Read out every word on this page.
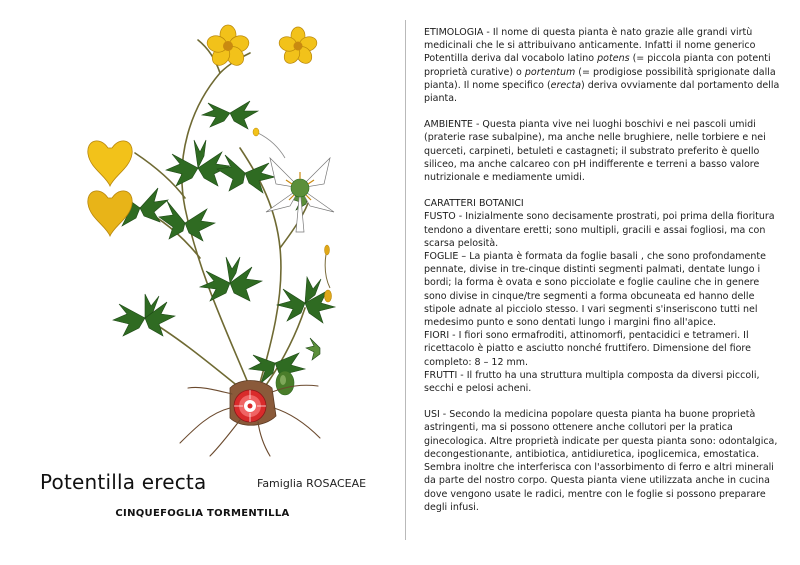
Potentilla erecta	Famiglia ROSACEAE
CINQUEFOGLIA TORMENTILLA

ETIMOLOGIA - Il nome di questa pianta è nato grazie alle grandi virtù medicinali che le si attribuivano anticamente. Infatti il nome generico Potentilla deriva dal vocabolo latino potens (= piccola pianta con potenti proprietà curative) o portentum (= prodigiose possibilità sprigionate dalla pianta). Il nome specifico (erecta) deriva ovviamente dal portamento della pianta.

AMBIENTE - Questa pianta vive nei luoghi boschivi e nei pascoli umidi (praterie rase subalpine), ma anche nelle brughiere, nelle torbiere e nei querceti, carpineti, betuleti e castagneti; il substrato preferito è quello siliceo, ma anche calcareo con pH indifferente e terreni a basso valore nutrizionale e mediamente umidi.

CARATTERI BOTANICI

FUSTO - Inizialmente sono decisamente prostrati, poi prima della fioritura tendono a diventare eretti; sono multipli, gracili e assai fogliosi, ma con scarsa pelosità.

FOGLIE – La pianta è formata da foglie basali , che sono profondamente pennate, divise in tre-cinque distinti segmenti palmati, dentate lungo i bordi; la forma è ovata e sono picciolate e foglie cauline che in genere sono divise in cinque/tre segmenti a forma obcuneata ed hanno delle stipole adnate al picciolo stesso. I vari segmenti s'inseriscono tutti nel medesimo punto e sono dentati lungo i margini fino all'apice.

FIORI - I fiori sono ermafroditi, attinomorfi, pentacidici e tetrameri. Il ricettacolo è piatto e asciutto nonché fruttifero. Dimensione del fiore completo: 8 – 12 mm.

FRUTTI - Il frutto ha una struttura multipla composta da diversi piccoli, secchi e pelosi acheni.

USI - Secondo la medicina popolare questa pianta ha buone proprietà astringenti, ma si possono ottenere anche collutori per la pratica ginecologica. Altre proprietà indicate per questa pianta sono: odontalgica, decongestionante, antibiotica, antidiuretica, ipoglicemica, emostatica. Sembra inoltre che interferisca con l'assorbimento di ferro e altri minerali da parte del nostro corpo. Questa pianta viene utilizzata anche in cucina dove vengono usate le radici, mentre con le foglie si possono preparare degli infusi.
